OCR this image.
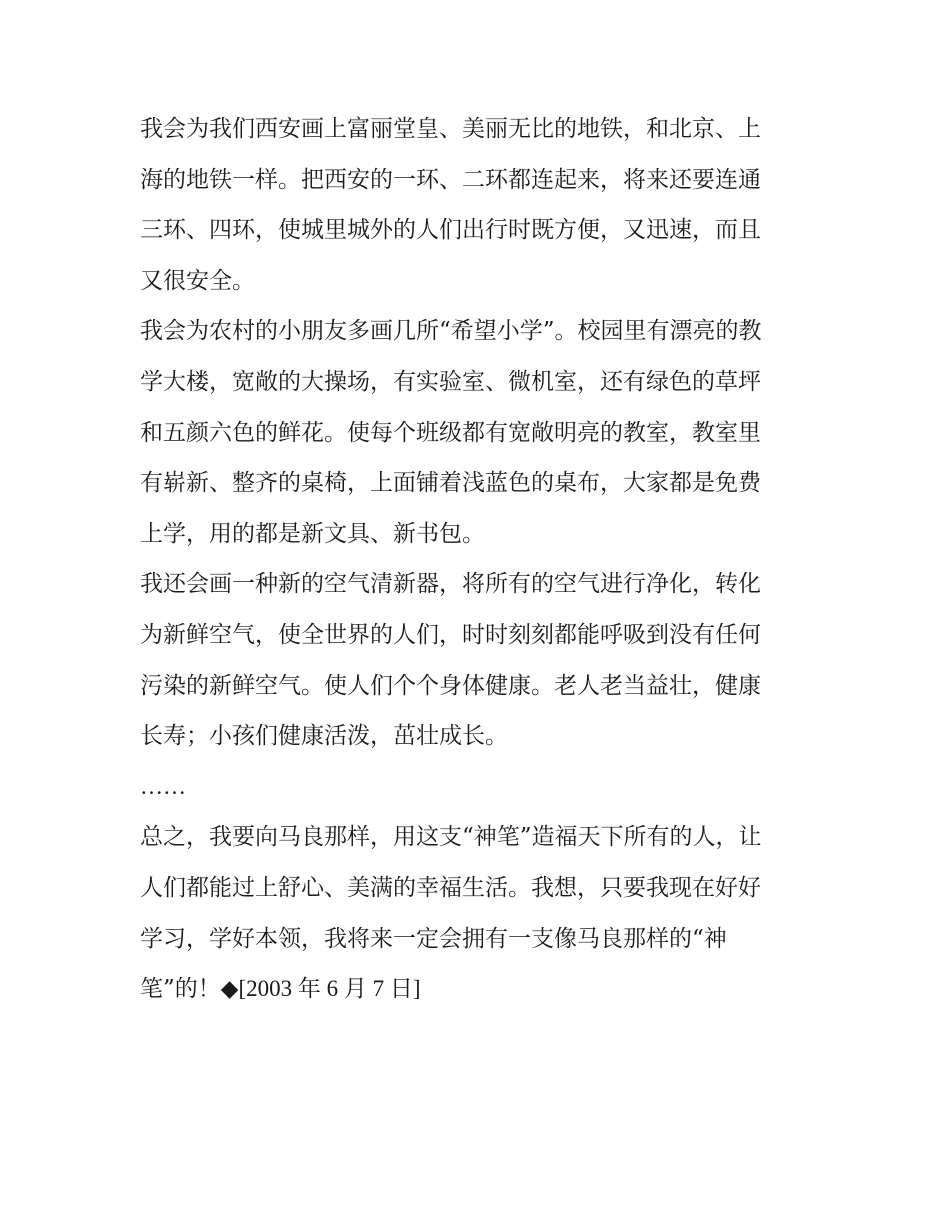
我会为我们西安画上富丽堂皇、美丽无比的地铁，和北京、上
海的地铁一样。把西安的一环、二环都连起来，将来还要连通
三环、四环，使城里城外的人们出行时既方便，又迅速，而且
又很安全。

我会为农村的小朋友多画几所“希望小学”。校园里有漂亮的教
学大楼，宽敞的大操场，有实验室、微机室，还有绿色的草坪
和五颜六色的鲜花。使每个班级都有宽敞明亮的教室，教室里
有崭新、整齐的桌椅，上面铺着浅蓝色的桌布，大家都是免费
上学，用的都是新文具、新书包。

我还会画一种新的空气清新器，将所有的空气进行净化，转化
为新鲜空气，使全世界的人们，时时刻刻都能呼吸到没有任何
污染的新鲜空气。使人们个个身体健康。老人老当益壮，健康
长寿；小孩们健康活泼，茁壮成长。

……

总之，我要向马良那样，用这支“神笔”造福天下所有的人，让
人们都能过上舒心、美满的幸福生活。我想，只要我现在好好
学习，学好本领，我将来一定会拥有一支像马良那样的“神
笔”的！◆[2003 年 6 月 7 日]
